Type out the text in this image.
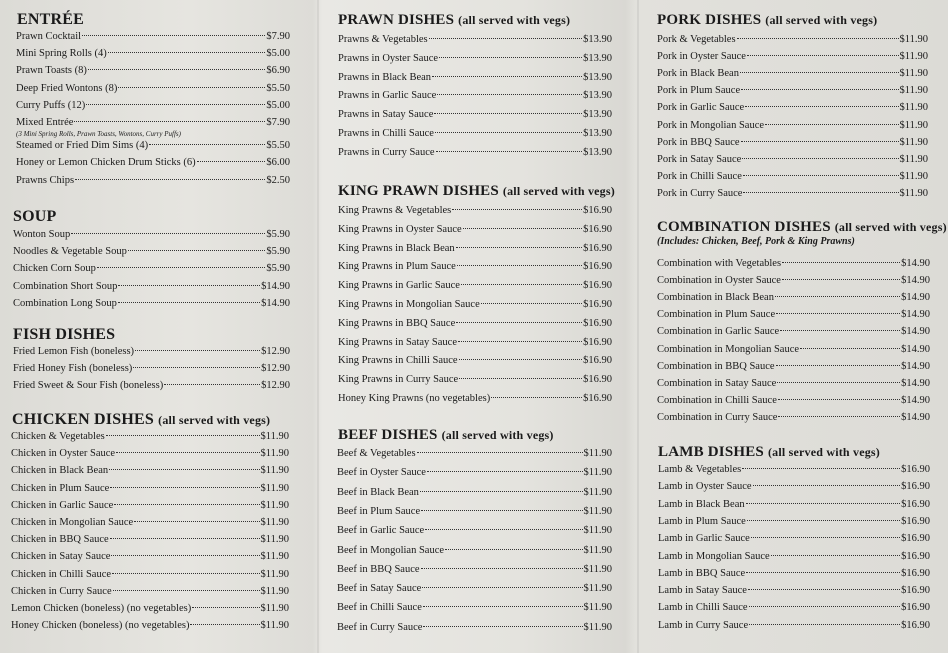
ENTRÉE
Prawn Cocktail	$7.90
Mini Spring Rolls (4)	$5.00
Prawn Toasts (8)	$6.90
Deep Fried Wontons (8)	$5.50
Curry Puffs (12)	$5.00
Mixed Entrée	$7.90
Steamed or Fried Dim Sims (4)	$5.50
Honey or Lemon Chicken Drum Sticks (6)	$6.00
Prawns Chips	$2.50
(3 Mini Spring Rolls, Prawn Toasts, Wontons, Curry Puffs)
SOUP
Wonton Soup	$5.90
Noodles & Vegetable Soup	$5.90
Chicken Corn Soup	$5.90
Combination Short Soup	$14.90
Combination Long Soup	$14.90
FISH DISHES
Fried Lemon Fish (boneless)	$12.90
Fried Honey Fish (boneless)	$12.90
Fried Sweet & Sour Fish (boneless)	$12.90
CHICKEN DISHES (all served with vegs)
Chicken & Vegetables	$11.90
Chicken in Oyster Sauce	$11.90
Chicken in Black Bean	$11.90
Chicken in Plum Sauce	$11.90
Chicken in Garlic Sauce	$11.90
Chicken in Mongolian Sauce	$11.90
Chicken in BBQ Sauce	$11.90
Chicken in Satay Sauce	$11.90
Chicken in Chilli Sauce	$11.90
Chicken in Curry Sauce	$11.90
Lemon Chicken (boneless) (no vegetables)	$11.90
Honey Chicken (boneless) (no vegetables)	$11.90
PRAWN DISHES (all served with vegs)
Prawns & Vegetables	$13.90
Prawns in Oyster Sauce	$13.90
Prawns in Black Bean	$13.90
Prawns in Garlic Sauce	$13.90
Prawns in Satay Sauce	$13.90
Prawns in Chilli Sauce	$13.90
Prawns in Curry Sauce	$13.90
KING PRAWN DISHES (all served with vegs)
King Prawns & Vegetables	$16.90
King Prawns in Oyster Sauce	$16.90
King Prawns in Black Bean	$16.90
King Prawns in Plum Sauce	$16.90
King Prawns in Garlic Sauce	$16.90
King Prawns in Mongolian Sauce	$16.90
King Prawns in BBQ Sauce	$16.90
King Prawns in Satay Sauce	$16.90
King Prawns in Chilli Sauce	$16.90
King Prawns in Curry Sauce	$16.90
Honey King Prawns (no vegetables)	$16.90
BEEF DISHES (all served with vegs)
Beef & Vegetables	$11.90
Beef in Oyster Sauce	$11.90
Beef in Black Bean	$11.90
Beef in Plum Sauce	$11.90
Beef in Garlic Sauce	$11.90
Beef in Mongolian Sauce	$11.90
Beef in BBQ Sauce	$11.90
Beef in Satay Sauce	$11.90
Beef in Chilli Sauce	$11.90
Beef in Curry Sauce	$11.90
PORK DISHES (all served with vegs)
Pork & Vegetables	$11.90
Pork in Oyster Sauce	$11.90
Pork in Black Bean	$11.90
Pork in Plum Sauce	$11.90
Pork in Garlic Sauce	$11.90
Pork in Mongolian Sauce	$11.90
Pork in BBQ Sauce	$11.90
Pork in Satay Sauce	$11.90
Pork in Chilli Sauce	$11.90
Pork in Curry Sauce	$11.90
COMBINATION DISHES (all served with vegs)
(Includes: Chicken, Beef, Pork & King Prawns)
Combination with Vegetables	$14.90
Combination in Oyster Sauce	$14.90
Combination in Black Bean	$14.90
Combination in Plum Sauce	$14.90
Combination in Garlic Sauce	$14.90
Combination in Mongolian Sauce	$14.90
Combination in BBQ Sauce	$14.90
Combination in Satay Sauce	$14.90
Combination in Chilli Sauce	$14.90
Combination in Curry Sauce	$14.90
LAMB DISHES (all served with vegs)
Lamb & Vegetables	$16.90
Lamb in Oyster Sauce	$16.90
Lamb in Black Bean	$16.90
Lamb in Plum Sauce	$16.90
Lamb in Garlic Sauce	$16.90
Lamb in Mongolian Sauce	$16.90
Lamb in BBQ Sauce	$16.90
Lamb in Satay Sauce	$16.90
Lamb in Chilli Sauce	$16.90
Lamb in Curry Sauce	$16.90
